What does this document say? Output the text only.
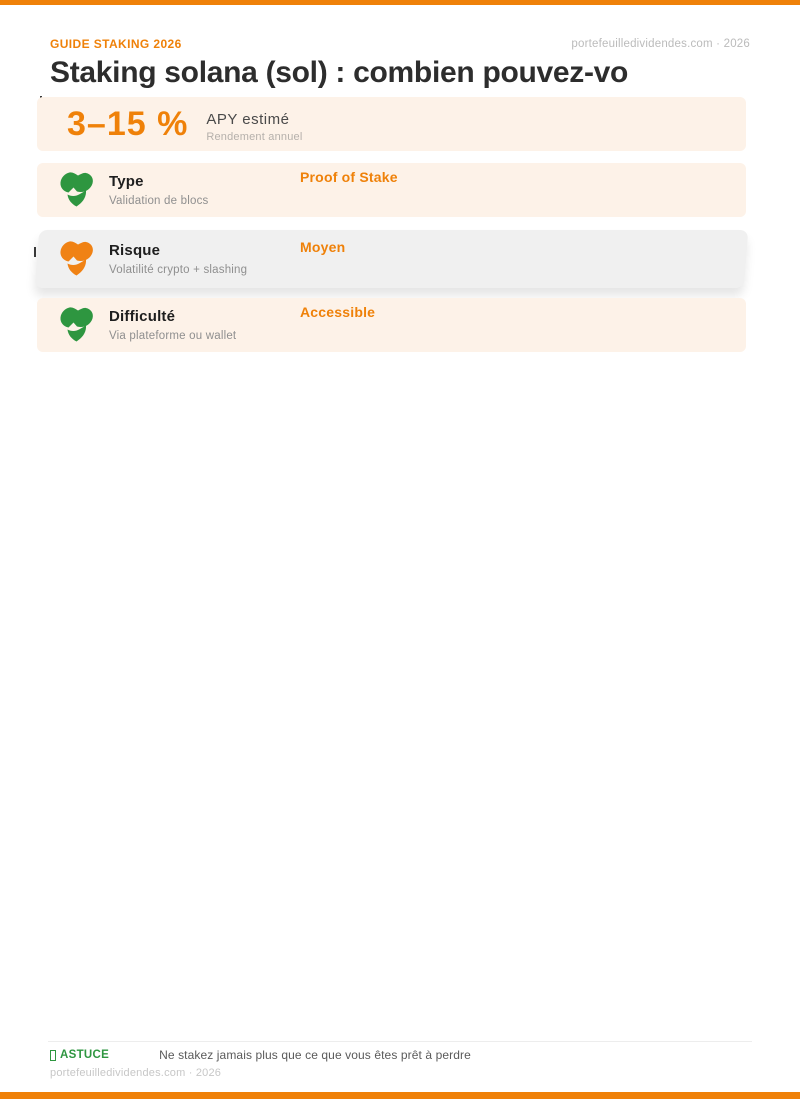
GUIDE STAKING 2026	portefeuilledividendes.com · 2026
Staking solana (sol) : combien pouvez-vo
3–15 % APY estimé
Rendement annuel
Type
Validation de blocs
Proof of Stake
Risque
Volatilité crypto + slashing
Moyen
Difficulté
Via plateforme ou wallet
Accessible
ASTUCE	Ne stakez jamais plus que ce que vous êtes prêt à perdre
portefeuilledividendes.com · 2026
